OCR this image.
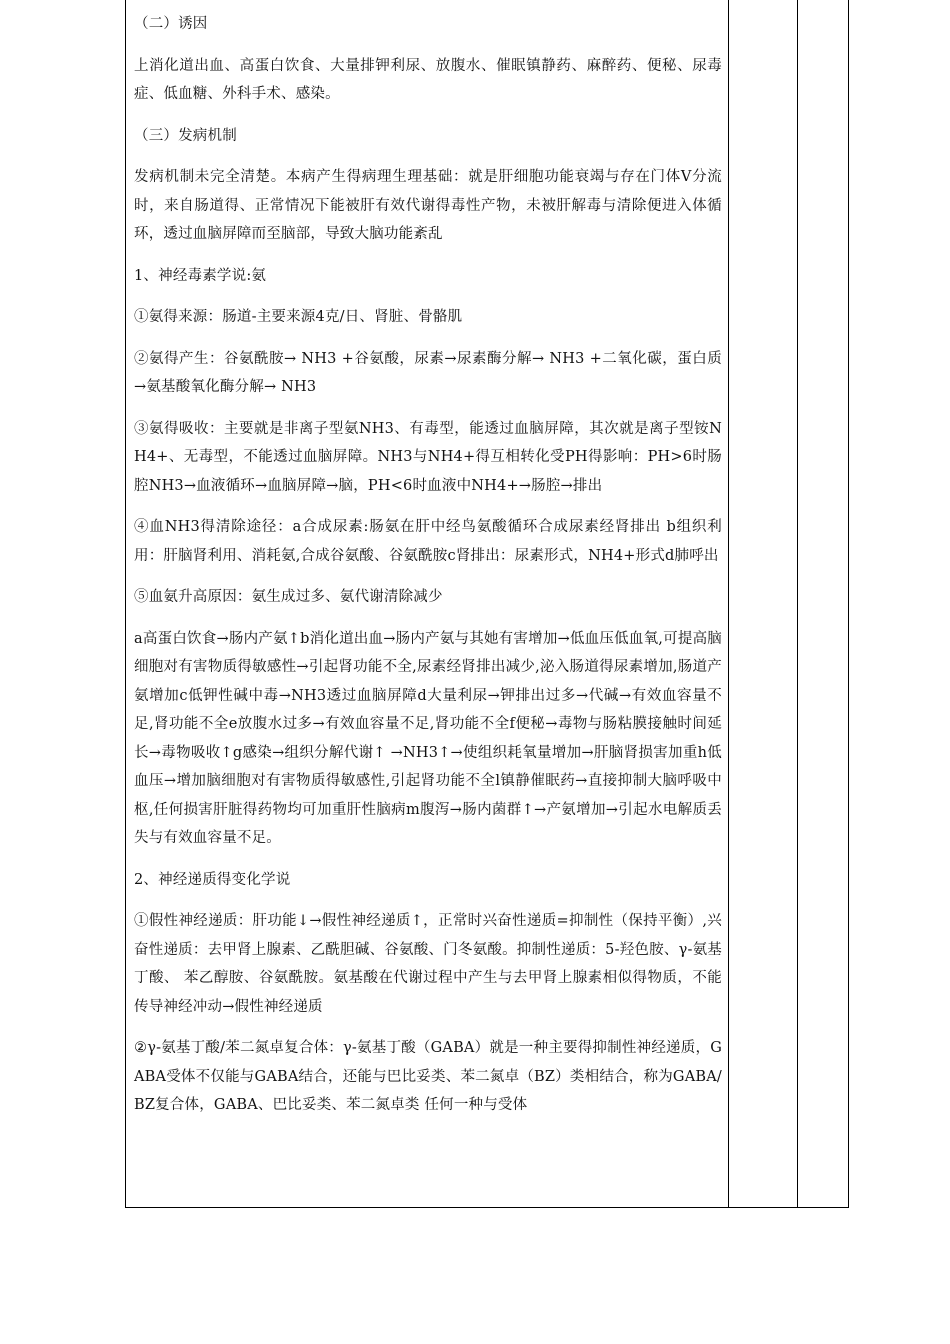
（二）诱因

上消化道出血、高蛋白饮食、大量排钾利尿、放腹水、催眠镇静药、麻醉药、便秘、尿毒症、低血糖、外科手术、感染。

（三）发病机制

发病机制未完全清楚。本病产生得病理生理基础：就是肝细胞功能衰竭与存在门体Ⅴ分流时，来自肠道得、正常情况下能被肝有效代谢得毒性产物，未被肝解毒与清除便进入体循环，透过血脑屏障而至脑部，导致大脑功能紊乱

1、神经毒素学说:氨

①氨得来源：肠道-主要来源4克/日、肾脏、骨骼肌

②氨得产生：谷氨酰胺→ NH3 +谷氨酸，尿素→尿素酶分解→ NH3 +二氧化碳，蛋白质→氨基酸氧化酶分解→ NH3

③氨得吸收：主要就是非离子型氨NH3、有毒型，能透过血脑屏障，其次就是离子型铵NH4+、无毒型，不能透过血脑屏障。NH3与NH4+得互相转化受PH得影响：PH>6时肠腔NH3→血液循环→血脑屏障→脑，PH<6时血液中NH4+→肠腔→排出

④血NH3得清除途径：a合成尿素:肠氨在肝中经鸟氨酸循环合成尿素经肾排出 b组织利用：肝脑肾利用、消耗氨,合成谷氨酸、谷氨酰胺c肾排出：尿素形式，NH4+形式d肺呼出

⑤血氨升高原因：氨生成过多、氨代谢清除减少

a高蛋白饮食→肠内产氨↑b消化道出血→肠内产氨与其她有害增加→低血压低血氧,可提高脑细胞对有害物质得敏感性→引起肾功能不全,尿素经肾排出减少,泌入肠道得尿素增加,肠道产氨增加c低钾性碱中毒→NH3透过血脑屏障d大量利尿→钾排出过多→代碱→有效血容量不足,肾功能不全e放腹水过多→有效血容量不足,肾功能不全f便秘→毒物与肠粘膜接触时间延长→毒物吸收↑g感染→组织分解代谢↑ →NH3↑→使组织耗氧量增加→肝脑肾损害加重h低血压→增加脑细胞对有害物质得敏感性,引起肾功能不全l镇静催眠药→直接抑制大脑呼吸中枢,任何损害肝脏得药物均可加重肝性脑病m腹泻→肠内菌群↑→产氨增加→引起水电解质丢失与有效血容量不足。

2、神经递质得变化学说

①假性神经递质：肝功能↓→假性神经递质↑，正常时兴奋性递质=抑制性（保持平衡）,兴奋性递质：去甲肾上腺素、乙酰胆碱、谷氨酸、门冬氨酸。抑制性递质：5-羟色胺、γ-氨基丁酸、 苯乙醇胺、谷氨酰胺。氨基酸在代谢过程中产生与去甲肾上腺素相似得物质，不能传导神经冲动→假性神经递质

②γ-氨基丁酸/苯二氮卓复合体：γ-氨基丁酸（GABA）就是一种主要得抑制性神经递质，GABA受体不仅能与GABA结合，还能与巴比妥类、苯二氮卓（BZ）类相结合，称为GABA/BZ复合体，GABA、巴比妥类、苯二氮卓类 任何一种与受体
